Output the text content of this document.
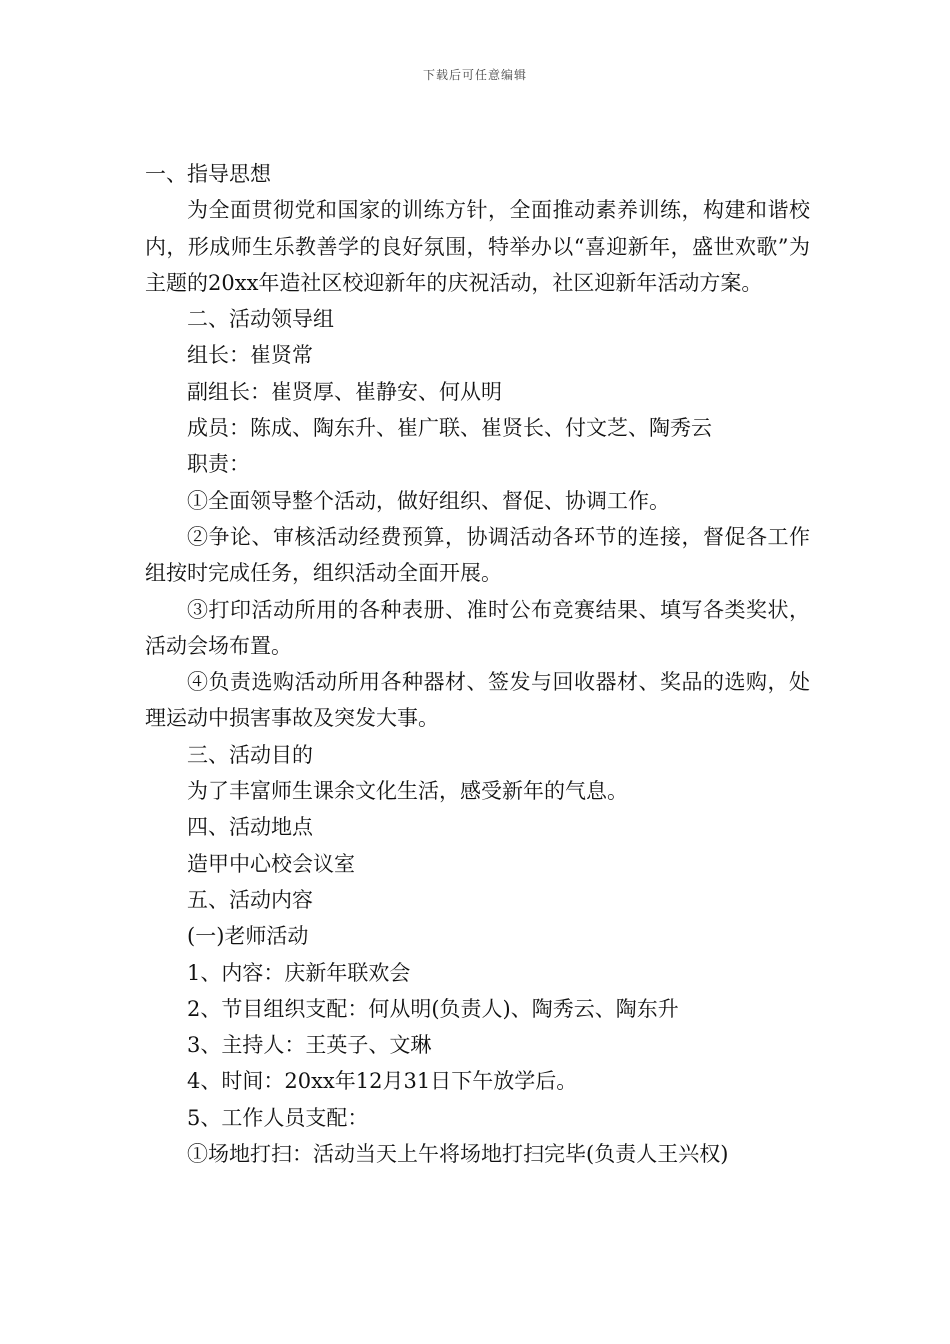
下载后可任意编辑

一、指导思想

为全面贯彻党和国家的训练方针，全面推动素养训练，构建和谐校内，形成师生乐教善学的良好氛围，特举办以“喜迎新年，盛世欢歌”为主题的20xx年造社区校迎新年的庆祝活动，社区迎新年活动方案。

二、活动领导组

组长：崔贤常

副组长：崔贤厚、崔静安、何从明

成员：陈成、陶东升、崔广联、崔贤长、付文芝、陶秀云

职责：

①全面领导整个活动，做好组织、督促、协调工作。

②争论、审核活动经费预算，协调活动各环节的连接，督促各工作组按时完成任务，组织活动全面开展。

③打印活动所用的各种表册、准时公布竞赛结果、填写各类奖状，活动会场布置。

④负责选购活动所用各种器材、签发与回收器材、奖品的选购，处理运动中损害事故及突发大事。

三、活动目的

为了丰富师生课余文化生活，感受新年的气息。

四、活动地点

造甲中心校会议室

五、活动内容

(一)老师活动

1、内容：庆新年联欢会

2、节目组织支配：何从明(负责人)、陶秀云、陶东升

3、主持人：王英子、文琳

4、时间：20xx年12月31日下午放学后。

5、工作人员支配：

①场地打扫：活动当天上午将场地打扫完毕(负责人王兴权)
